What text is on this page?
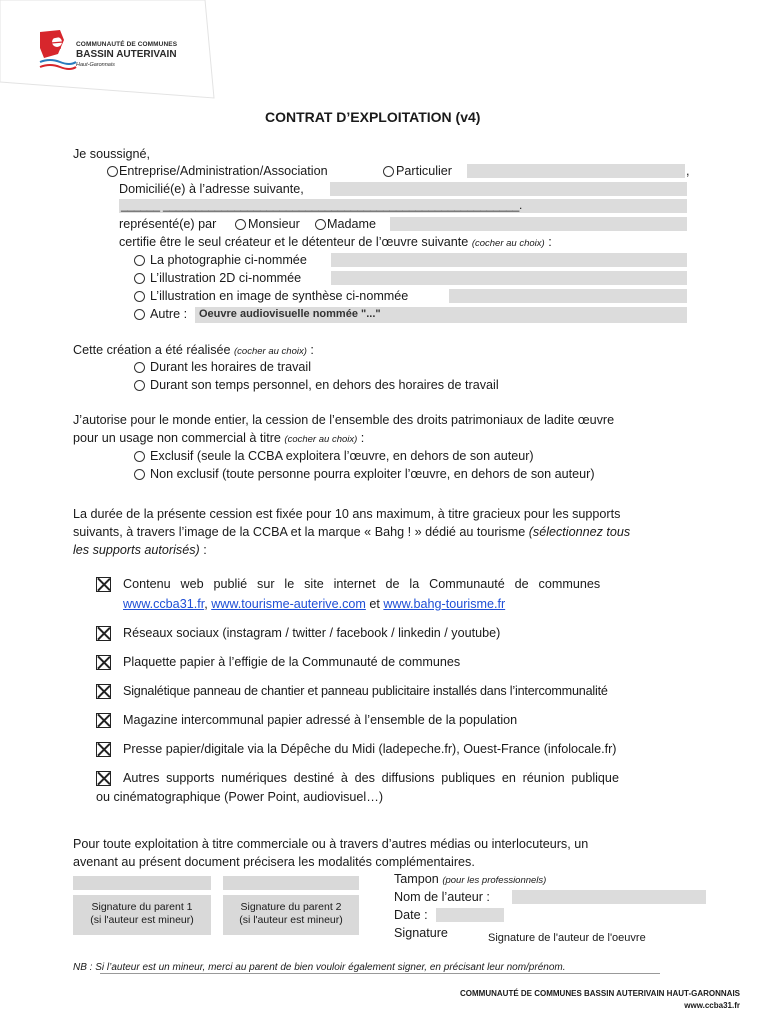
COMMUNAUTÉ DE COMMUNES
BASSIN AUTERIVAIN
Haut-Garonnais
CONTRAT D’EXPLOITATION (v4)
Je soussigné,
Entreprise/Administration/Association	Particulier	,
Domicilié(e) à l’adresse suivante,
______ _______________________________________________________.
représenté(e) par	Monsieur Madame
certifie être le seul créateur et le détenteur de l’œuvre suivante (cocher au choix) :
La photographie ci-nommée
L’illustration 2D ci-nommée
L’illustration en image de synthèse ci-nommée
Autre : Oeuvre audiovisuelle nommée "..."
Cette création a été réalisée (cocher au choix) :
Durant les horaires de travail
Durant son temps personnel, en dehors des horaires de travail
J’autorise pour le monde entier, la cession de l’ensemble des droits patrimoniaux de ladite œuvre
pour un usage non commercial à titre (cocher au choix) :
Exclusif (seule la CCBA exploitera l’œuvre, en dehors de son auteur)
Non exclusif (toute personne pourra exploiter l’œuvre, en dehors de son auteur)
La durée de la présente cession est fixée pour 10 ans maximum, à titre gracieux pour les supports
suivants, à travers l’image de la CCBA et la marque « Bahg ! » dédié au tourisme (sélectionnez tous
les supports autorisés) :
Contenu web publié sur le site internet de la Communauté de communes
www.ccba31.fr, www.tourisme-auterive.com et www.bahg-tourisme.fr
Réseaux sociaux (instagram / twitter / facebook / linkedin / youtube)
Plaquette papier à l’effigie de la Communauté de communes
Signalétique panneau de chantier et panneau publicitaire installés dans l’intercommunalité
Magazine intercommunal papier adressé à l’ensemble de la population
Presse papier/digitale via la Dépêche du Midi (ladepeche.fr), Ouest-France (infolocale.fr)
Autres supports numériques destiné à des diffusions publiques en réunion publique
ou cinématographique (Power Point, audiovisuel…)
Pour toute exploitation à titre commerciale ou à travers d’autres médias ou interlocuteurs, un
avenant au présent document précisera les modalités complémentaires.
Signature du parent 1
(si l'auteur est mineur)
Signature du parent 2
(si l'auteur est mineur)
Tampon (pour les professionnels)
Nom de l’auteur :
Date :
Signature	Signature de l'auteur de l'oeuvre
NB : Si l’auteur est un mineur, merci au parent de bien vouloir également signer, en précisant leur nom/prénom.
COMMUNAUTÉ DE COMMUNES BASSIN AUTERIVAIN HAUT-GARONNAIS
www.ccba31.fr
